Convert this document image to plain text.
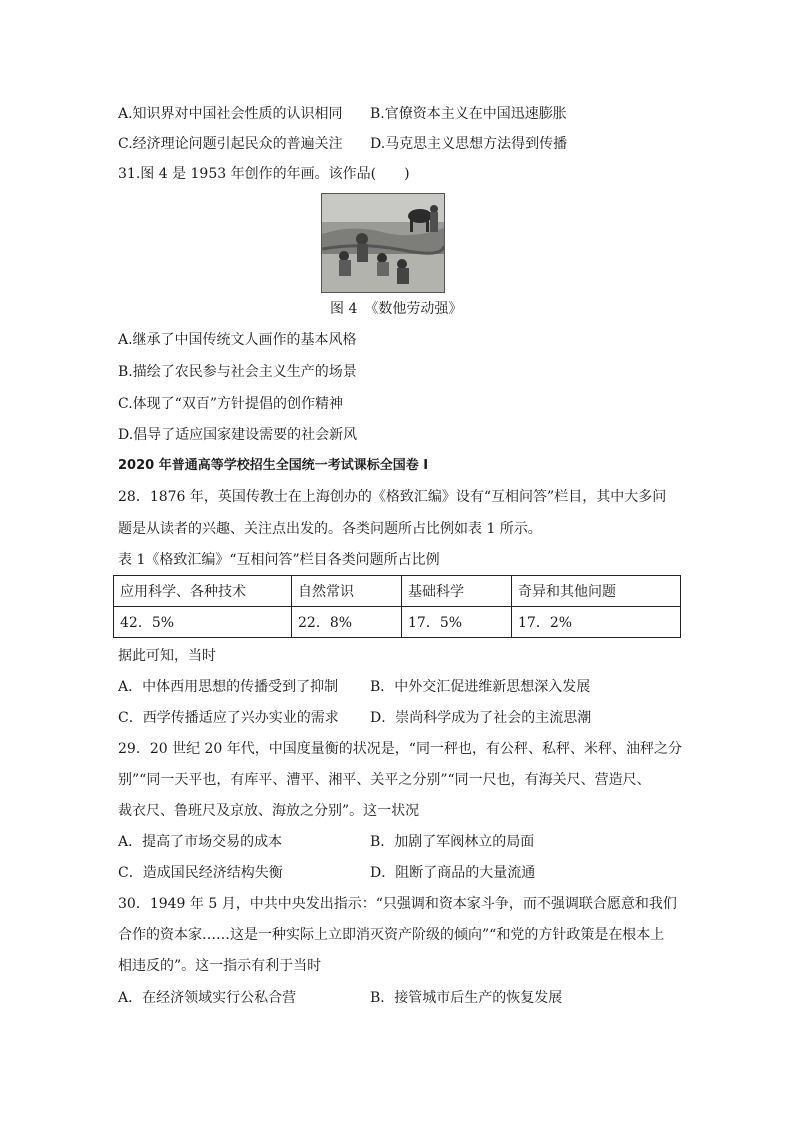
A.知识界对中国社会性质的认识相同 B.官僚资本主义在中国迅速膨胀
C.经济理论问题引起民众的普遍关注 D.马克思主义思想方法得到传播
31.图 4 是 1953 年创作的年画。该作品(　　)
图 4　《数他劳动强》
A.继承了中国传统文人画作的基本风格
B.描绘了农民参与社会主义生产的场景
C.体现了“双百”方针提倡的创作精神
D.倡导了适应国家建设需要的社会新风
2020 年普通高等学校招生全国统一考试课标全国卷 I
28．1876 年，英国传教士在上海创办的《格致汇编》设有“互相问答”栏目，其中大多问
题是从读者的兴趣、关注点出发的。各类问题所占比例如表 1 所示。
表 1《格致汇编》“互相问答”栏目各类问题所占比例
应用科学、各种技术	自然常识	基础科学	奇异和其他问题
42．5%	22．8%	17．5%	17．2%
据此可知，当时
A．中体西用思想的传播受到了抑制 B．中外交汇促进维新思想深入发展
C．西学传播适应了兴办实业的需求 D．崇尚科学成为了社会的主流思潮
29．20 世纪 20 年代，中国度量衡的状况是，“同一秤也，有公秤、私秤、米秤、油秤之分
别”“同一天平也，有库平、漕平、湘平、关平之分别”“同一尺也，有海关尺、营造尺、
裁衣尺、鲁班尺及京放、海放之分别”。这一状况
A．提高了市场交易的成本	B．加剧了军阀林立的局面
C．造成国民经济结构失衡	D．阻断了商品的大量流通
30．1949 年 5 月，中共中央发出指示：“只强调和资本家斗争，而不强调联合愿意和我们
合作的资本家……这是一种实际上立即消灭资产阶级的倾向”“和党的方针政策是在根本上
相违反的”。这一指示有利于当时
A．在经济领域实行公私合营	B．接管城市后生产的恢复发展
